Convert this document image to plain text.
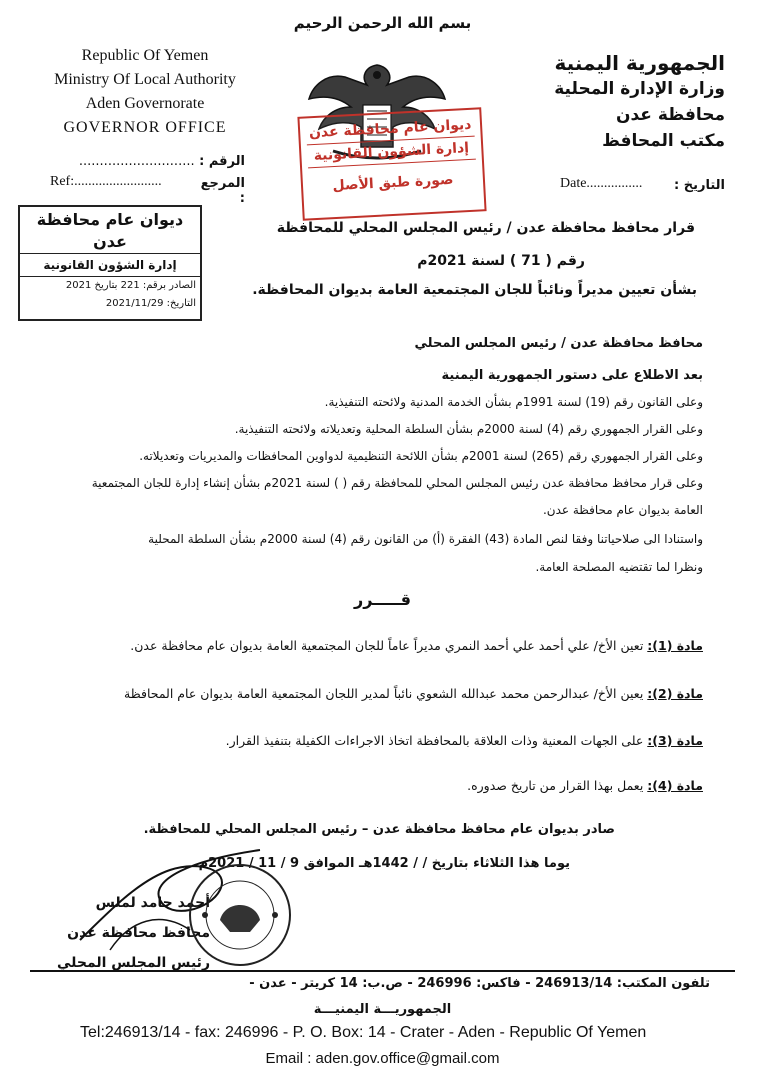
بسم الله الرحمن الرحيم
Republic Of Yemen
Ministry Of Local Authority
Aden Governorate
GOVERNOR OFFICE
الجمهورية اليمنية
وزارة الإدارة المحلية
محافظة عدن
مكتب المحافظ
ديوان عام محافظة عدن
إدارة الشؤون القانونية
صورة طبق الأصل
الرقم : ............................
المرجع :
Ref:.........................	التاريخ :
Date................
قرار محافظ محافظة عدن / رئيس المجلس المحلي للمحافظة
رقم ( 71 ) لسنة 2021م
بشأن تعيين مديراً ونائباً للجان المجتمعية العامة بديوان المحافظة.
ديوان عام محافظة عدن
إدارة الشؤون القانونية
الصادر برقم: 221 بتاريخ 2021
التاريخ: 2021/11/29
محافظ محافظة عدن / رئيس المجلس المحلي
بعد الاطلاع على دستور الجمهورية اليمنية
وعلى القانون رقم (19) لسنة 1991م بشأن الخدمة المدنية ولائحته التنفيذية.
وعلى القرار الجمهوري رقم (4) لسنة 2000م بشأن السلطة المحلية وتعديلاته ولائحته التنفيذية.
وعلى القرار الجمهوري رقم (265) لسنة 2001م بشأن اللائحة التنظيمية لدواوين المحافظات والمديريات وتعديلاته.
وعلى قرار محافظ محافظة عدن رئيس المجلس المحلي للمحافظة رقم ( ) لسنة 2021م بشأن إنشاء إدارة للجان المجتمعية
العامة بديوان عام محافظة عدن.
واستنادا الى صلاحياتنا وفقا لنص المادة (43) الفقرة (أ) من القانون رقم (4) لسنة 2000م بشأن السلطة المحلية
ونظرا لما تقتضيه المصلحة العامة.
قـــــرر
مادة (1): تعين الأخ/ علي أحمد علي أحمد النمري مديراً عاماً للجان المجتمعية العامة بديوان عام محافظة عدن.
مادة (2): يعين الأخ/ عبدالرحمن محمد عبدالله الشعوي نائباً لمدير اللجان المجتمعية العامة بديوان عام المحافظة
مادة (3): على الجهات المعنية وذات العلاقة بالمحافظة اتخاذ الاجراءات الكفيلة بتنفيذ القرار.
مادة (4): يعمل بهذا القرار من تاريخ صدوره.
صادر بديوان عام محافظ محافظة عدن – رئيس المجلس المحلي للمحافظة.
يوما هذا الثلاثاء بتاريخ / / 1442هـ الموافق 9 / 11 / 2021م
أحمد حامد لملس
محافظ محافظة عدن
رئيس المجلس المحلي
تلفون المكتب: 246913/14 - فاكس: 246996 - ص.ب: 14 كريتر - عدن -
الجمهوريـــة اليمنيـــة
Tel:246913/14 - fax: 246996 - P. O. Box: 14 - Crater - Aden - Republic Of Yemen
Email : aden.gov.office@gmail.com
